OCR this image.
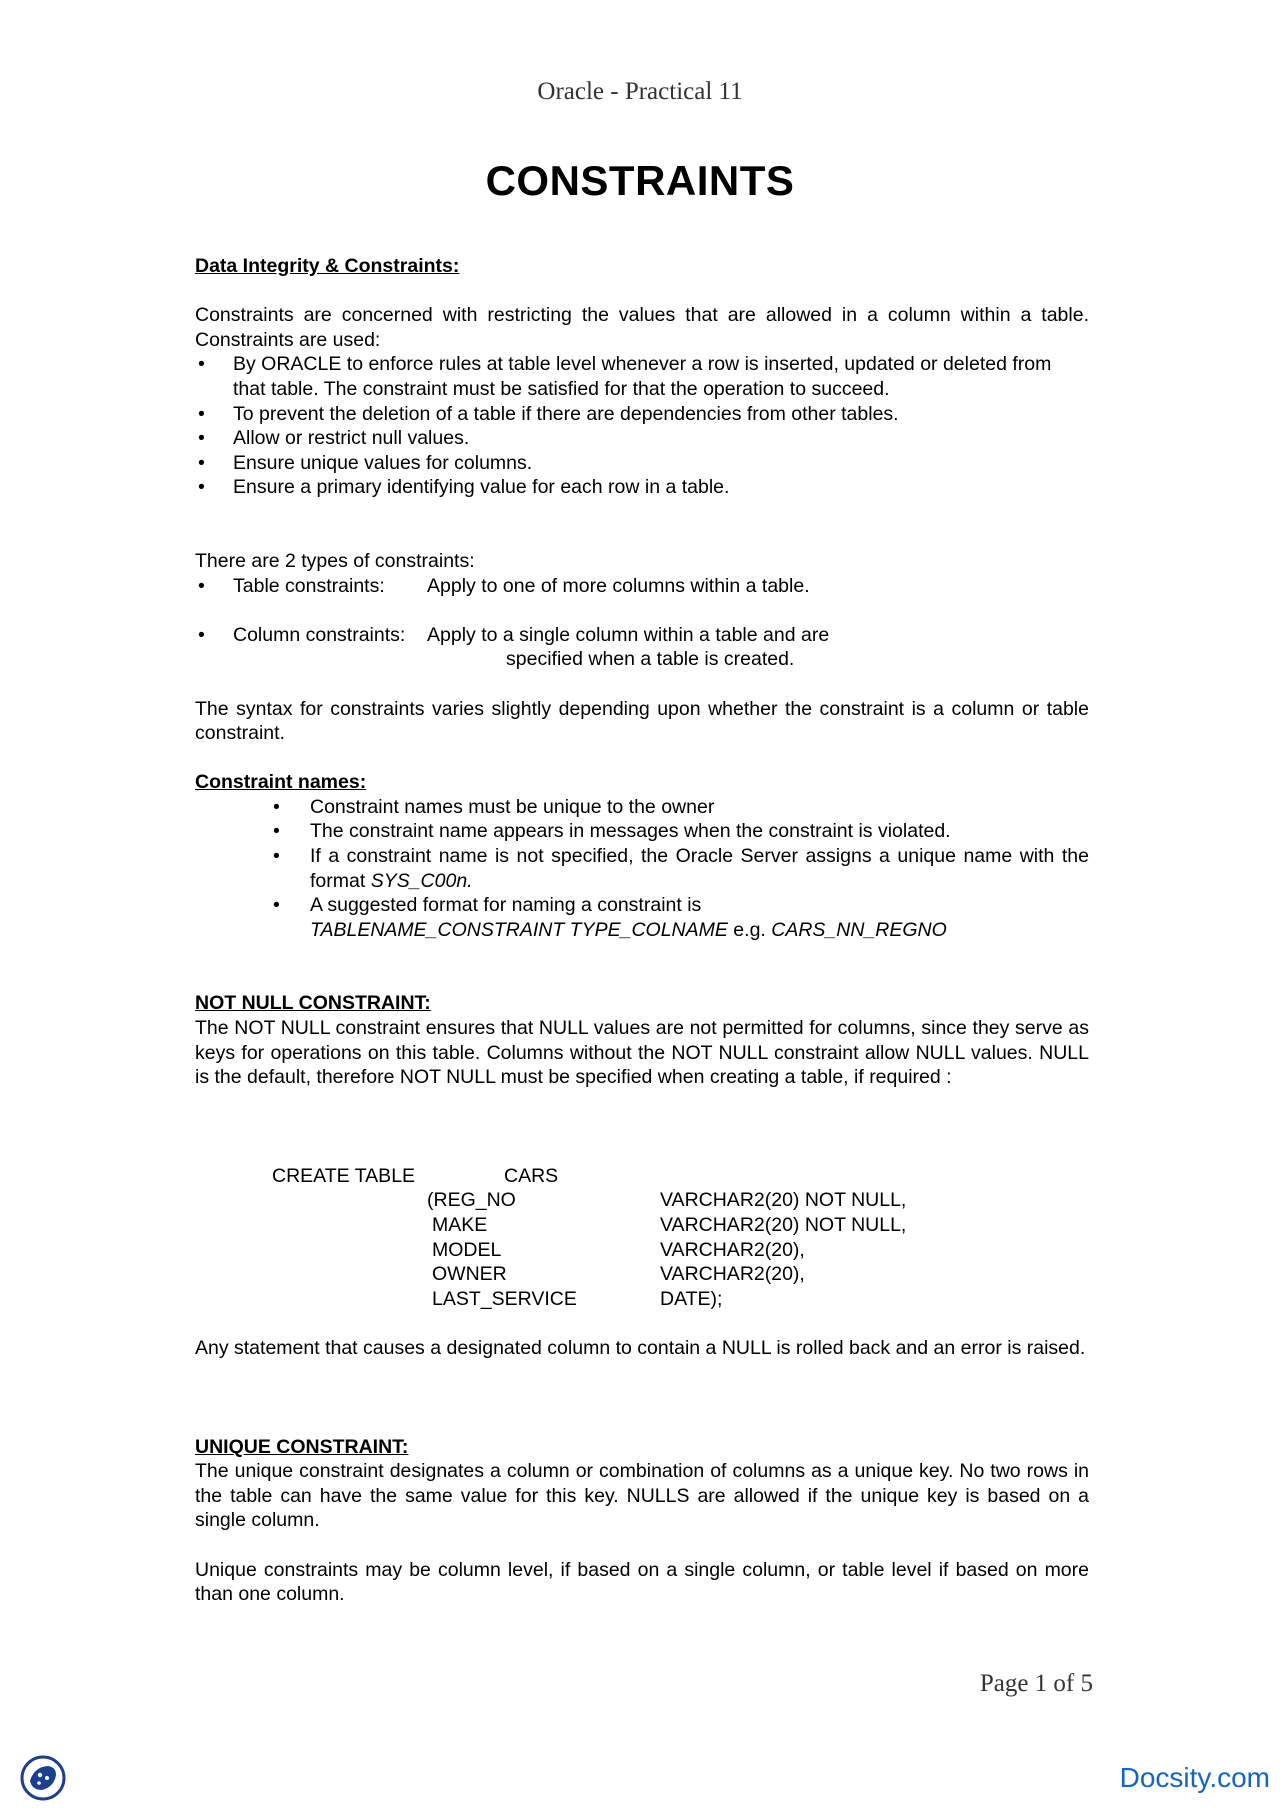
Oracle - Practical 11
CONSTRAINTS

Data Integrity & Constraints:

Constraints are concerned with restricting the values that are allowed in a column within a table. Constraints are used:

• By ORACLE to enforce rules at table level whenever a row is inserted, updated or deleted from that table. The constraint must be satisfied for that the operation to succeed.
• To prevent the deletion of a table if there are dependencies from other tables.
• Allow or restrict null values.
• Ensure unique values for columns.
• Ensure a primary identifying value for each row in a table.

There are 2 types of constraints:

• Table constraints: Apply to one of more columns within a table.
• Column constraints: Apply to a single column within a table and are
specified when a table is created.

The syntax for constraints varies slightly depending upon whether the constraint is a column or table constraint.

Constraint names:

• Constraint names must be unique to the owner
• The constraint name appears in messages when the constraint is violated.
• If a constraint name is not specified, the Oracle Server assigns a unique name with the format SYS_C00n.
• A suggested format for naming a constraint is
TABLENAME_CONSTRAINT TYPE_COLNAME e.g. CARS_NN_REGNO

NOT NULL CONSTRAINT:

The NOT NULL constraint ensures that NULL values are not permitted for columns, since they serve as keys for operations on this table. Columns without the NOT NULL constraint allow NULL values. NULL is the default, therefore NOT NULL must be specified when creating a table, if required :

CREATE TABLE	CARS
(REG_NO	VARCHAR2(20) NOT NULL,
MAKE	VARCHAR2(20) NOT NULL,
MODEL	VARCHAR2(20),
OWNER	VARCHAR2(20),
LAST_SERVICE	DATE);

Any statement that causes a designated column to contain a NULL is rolled back and an error is raised.

UNIQUE CONSTRAINT:

The unique constraint designates a column or combination of columns as a unique key. No two rows in the table can have the same value for this key. NULLS are allowed if the unique key is based on a single column.

Unique constraints may be column level, if based on a single column, or table level if based on more than one column.

Page 1 of 5
Docsity.com
